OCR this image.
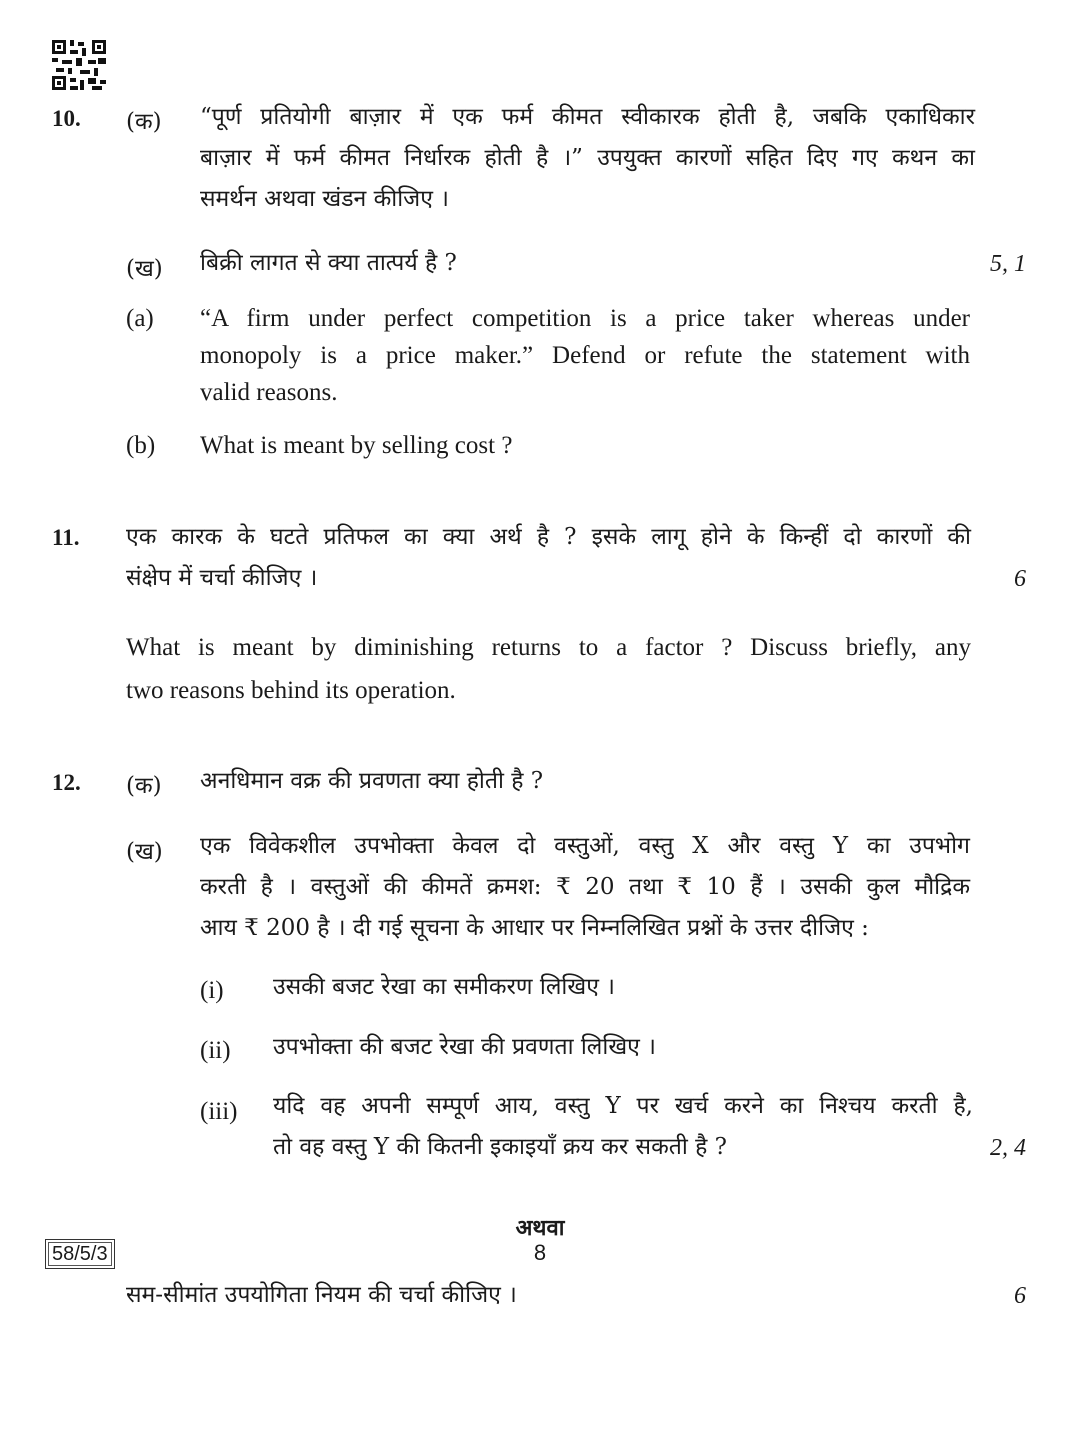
10. (क) “पूर्ण प्रतियोगी बाज़ार में एक फर्म कीमत स्वीकारक होती है, जबकि एकाधिकार

बाज़ार में फर्म कीमत निर्धारक होती है ।” उपयुक्त कारणों सहित दिए गए कथन का

समर्थन अथवा खंडन कीजिए ।

(ख) बिक्री लागत से क्या तात्पर्य है ?	5, 1
(a) “A firm under perfect competition is a price taker whereas under
monopoly is a price maker.” Defend or refute the statement with
valid reasons.
(b) What is meant by selling cost ?
11. एक कारक के घटते प्रतिफल का क्या अर्थ है ? इसके लागू होने के किन्हीं दो कारणों की

संक्षेप में चर्चा कीजिए ।	6
What is meant by diminishing returns to a factor ? Discuss briefly, any
two reasons behind its operation.
12. (क) अनधिमान वक्र की प्रवणता क्या होती है ?
(ख) एक विवेकशील उपभोक्ता केवल दो वस्तुओं, वस्तु X और वस्तु Y का उपभोग

करती है । वस्तुओं की कीमतें क्रमश: ₹ 20 तथा ₹ 10 हैं । उसकी कुल मौद्रिक

आय ₹ 200 है । दी गई सूचना के आधार पर निम्नलिखित प्रश्नों के उत्तर दीजिए :

(i) उसकी बजट रेखा का समीकरण लिखिए ।
(ii) उपभोक्ता की बजट रेखा की प्रवणता लिखिए ।
(iii) यदि वह अपनी सम्पूर्ण आय, वस्तु Y पर खर्च करने का निश्चय करती है,

तो वह वस्तु Y की कितनी इकाइयाँ क्रय कर सकती है ?	2, 4
अथवा
सम-सीमांत उपयोगिता नियम की चर्चा कीजिए ।	6
58/5/3	8
